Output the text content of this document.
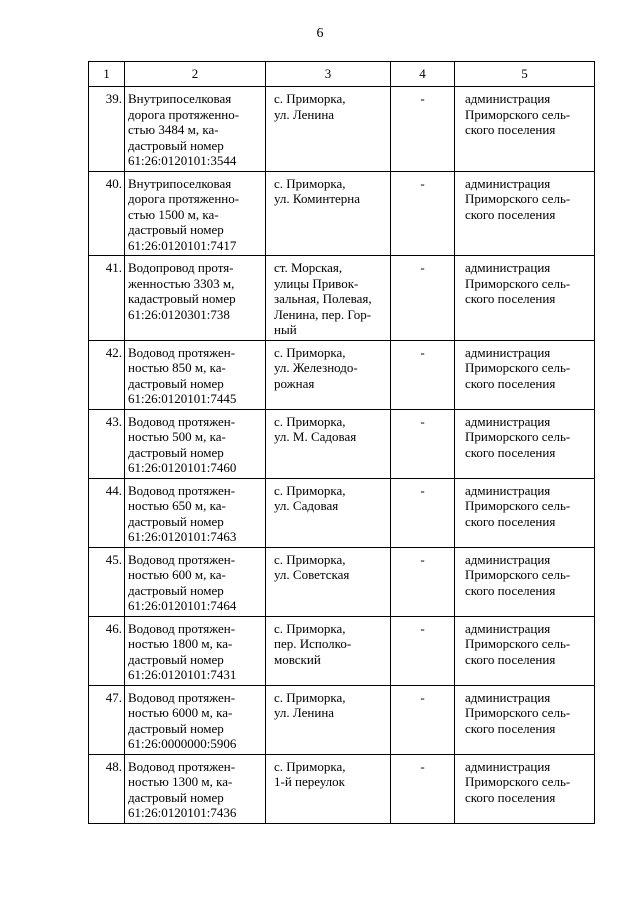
6
1	2	3	4	5
39.	Внутрипоселковая
дорога протяженно-
стью 3484 м, ка-
дастровый номер
61:26:0120101:3544	с. Приморка,
ул. Ленина	-	администрация
Приморского сель-
ского поселения

40.	Внутрипоселковая
дорога протяженно-
стью 1500 м, ка-
дастровый номер
61:26:0120101:7417	с. Приморка,
ул. Коминтерна	-	администрация
Приморского сель-
ского поселения

41.	Водопровод протя-
женностью 3303 м,
кадастровый номер
61:26:0120301:738	ст. Морская,
улицы Привок-
зальная, Полевая,
Ленина, пер. Гор-
ный	-	администрация
Приморского сель-
ского поселения

42.	Водовод протяжен-
ностью 850 м, ка-
дастровый номер
61:26:0120101:7445	с. Приморка,
ул. Железнодо-
рожная	-	администрация
Приморского сель-
ского поселения

43.	Водовод протяжен-
ностью 500 м, ка-
дастровый номер
61:26:0120101:7460	с. Приморка,
ул. М. Садовая	-	администрация
Приморского сель-
ского поселения

44.	Водовод протяжен-
ностью 650 м, ка-
дастровый номер
61:26:0120101:7463	с. Приморка,
ул. Садовая	-	администрация
Приморского сель-
ского поселения

45.	Водовод протяжен-
ностью 600 м, ка-
дастровый номер
61:26:0120101:7464	с. Приморка,
ул. Советская	-	администрация
Приморского сель-
ского поселения

46.	Водовод протяжен-
ностью 1800 м, ка-
дастровый номер
61:26:0120101:7431	с. Приморка,
пер. Исполко-
мовский	-	администрация
Приморского сель-
ского поселения

47.	Водовод протяжен-
ностью 6000 м, ка-
дастровый номер
61:26:0000000:5906	с. Приморка,
ул. Ленина	-	администрация
Приморского сель-
ского поселения

48.	Водовод протяжен-
ностью 1300 м, ка-
дастровый номер
61:26:0120101:7436	с. Приморка,
1-й переулок	-	администрация
Приморского сель-
ского поселения
